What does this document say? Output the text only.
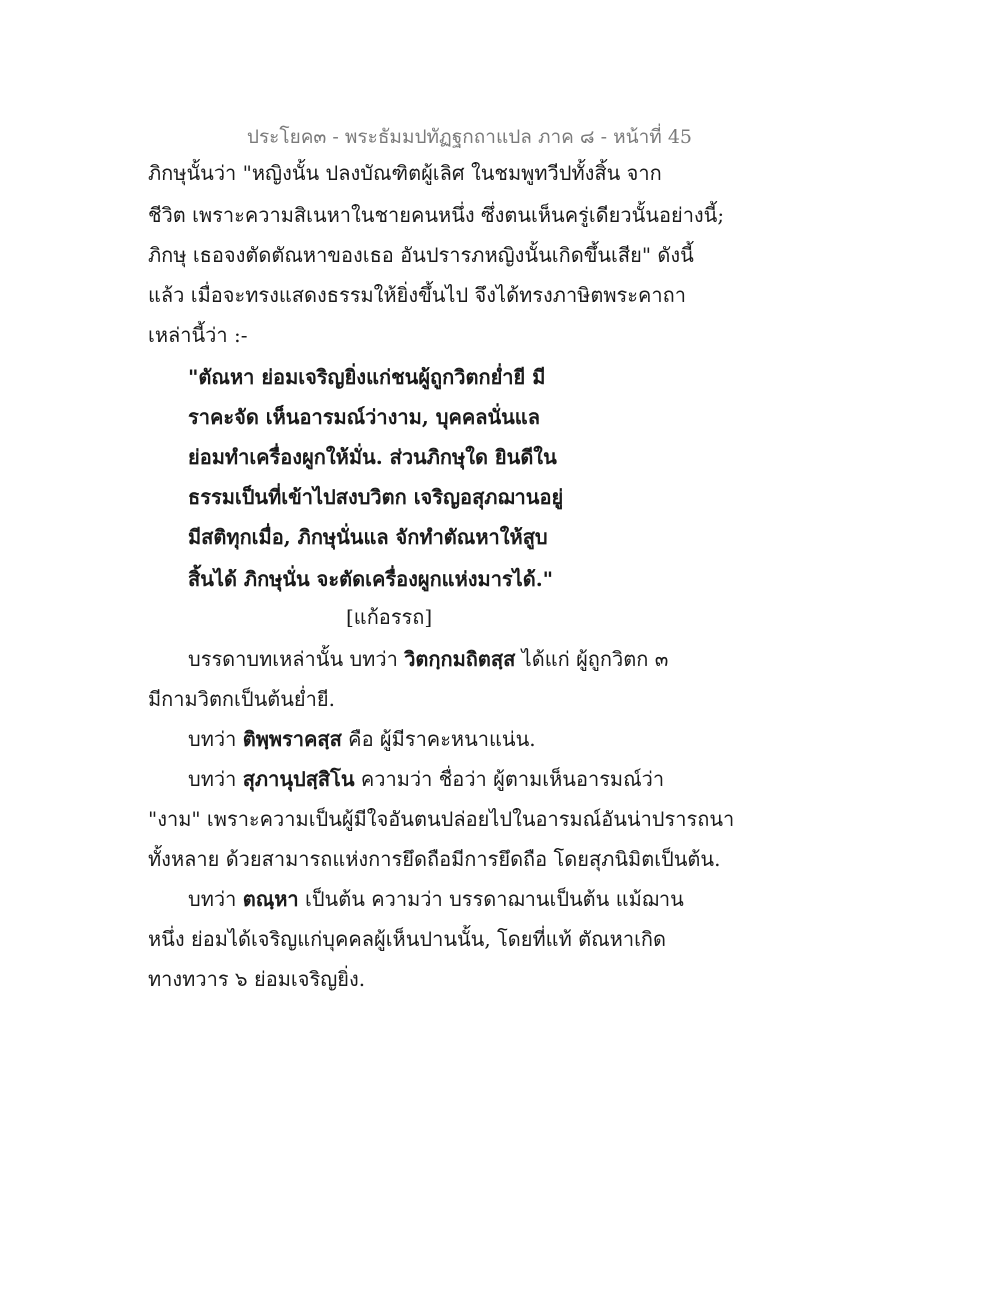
ประโยค๓ - พระธัมมปทัฏฐกถาแปล ภาค ๘ - หน้าที่ 45
ภิกษุนั้นว่า "หญิงนั้น ปลงบัณฑิตผู้เลิศ ในชมพูทวีปทั้งสิ้น จาก
ชีวิต เพราะความสิเนหาในชายคนหนึ่ง ซึ่งตนเห็นครู่เดียวนั้นอย่างนี้;
ภิกษุ เธอจงตัดตัณหาของเธอ อันปรารภหญิงนั้นเกิดขึ้นเสีย" ดังนี้
แล้ว เมื่อจะทรงแสดงธรรมให้ยิ่งขึ้นไป จึงได้ทรงภาษิตพระคาถา
เหล่านี้ว่า :-
"ตัณหา ย่อมเจริญยิ่งแก่ชนผู้ถูกวิตกย่ำยี มี
ราคะจัด เห็นอารมณ์ว่างาม, บุคคลนั่นแล
ย่อมทำเครื่องผูกให้มั่น. ส่วนภิกษุใด ยินดีใน
ธรรมเป็นที่เข้าไปสงบวิตก เจริญอสุภฌานอยู่
มีสติทุกเมื่อ, ภิกษุนั่นแล จักทำตัณหาให้สูบ
สิ้นได้ ภิกษุนั่น จะตัดเครื่องผูกแห่งมารได้."
[แก้อรรถ]
บรรดาบทเหล่านั้น บทว่า วิตกฺกมถิตสฺส ได้แก่ ผู้ถูกวิตก ๓
มีกามวิตกเป็นต้นย่ำยี.
บทว่า ติพฺพราคสฺส คือ ผู้มีราคะหนาแน่น.
บทว่า สุภานุปสฺสิโน ความว่า ชื่อว่า ผู้ตามเห็นอารมณ์ว่า
"งาม" เพราะความเป็นผู้มีใจอันตนปล่อยไปในอารมณ์อันน่าปรารถนา
ทั้งหลาย ด้วยสามารถแห่งการยึดถือมีการยึดถือ โดยสุภนิมิตเป็นต้น.
บทว่า ตณฺหา เป็นต้น ความว่า บรรดาฌานเป็นต้น แม้ฌาน
หนึ่ง ย่อมได้เจริญแก่บุคคลผู้เห็นปานนั้น, โดยที่แท้ ตัณหาเกิด
ทางทวาร ๖ ย่อมเจริญยิ่ง.
